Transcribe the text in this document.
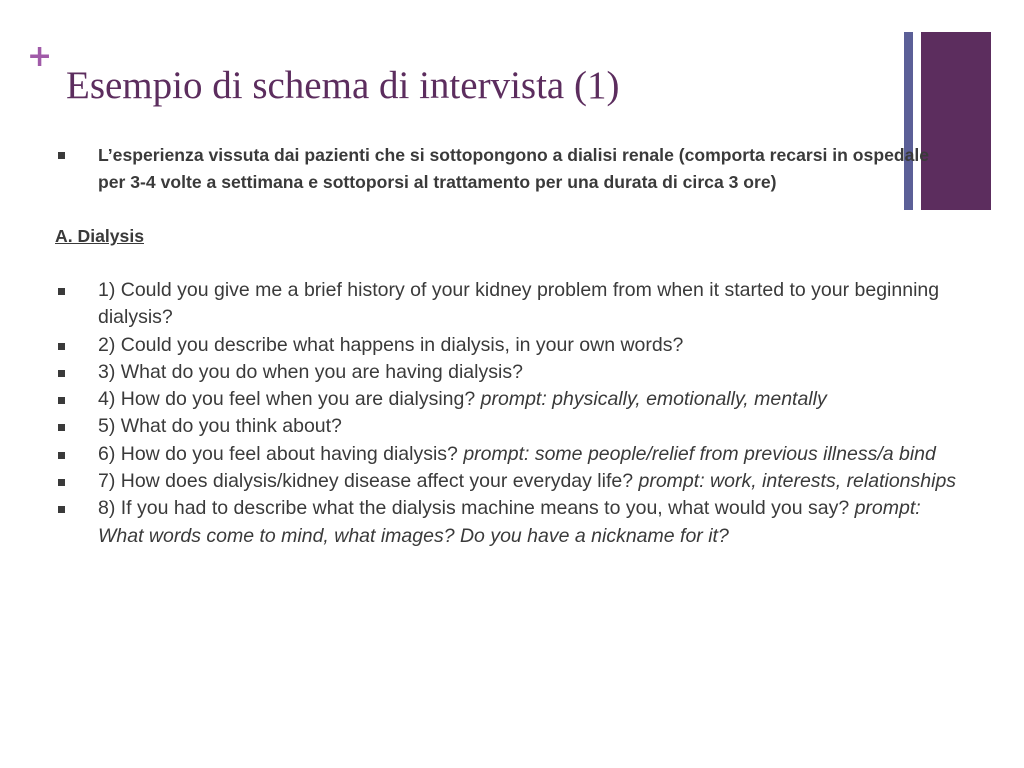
+
Esempio di schema di intervista (1)
L’esperienza vissuta dai pazienti che si sottopongono a dialisi renale (comporta recarsi in ospedale per 3-4 volte a settimana e sottoporsi al trattamento per una durata di circa 3 ore)
A. Dialysis
1) Could you give me a brief history of your kidney problem from when it started to your beginning dialysis?
2) Could you describe what happens in dialysis, in your own words?
3) What do you do when you are having dialysis?
4) How do you feel when you are dialysing? prompt: physically, emotionally, mentally
5) What do you think about?
6) How do you feel about having dialysis? prompt: some people/relief from previous illness/a bind
7) How does dialysis/kidney disease affect your everyday life? prompt: work, interests, relationships
8) If you had to describe what the dialysis machine means to you, what would you say? prompt: What words come to mind, what images? Do you have a nickname for it?
